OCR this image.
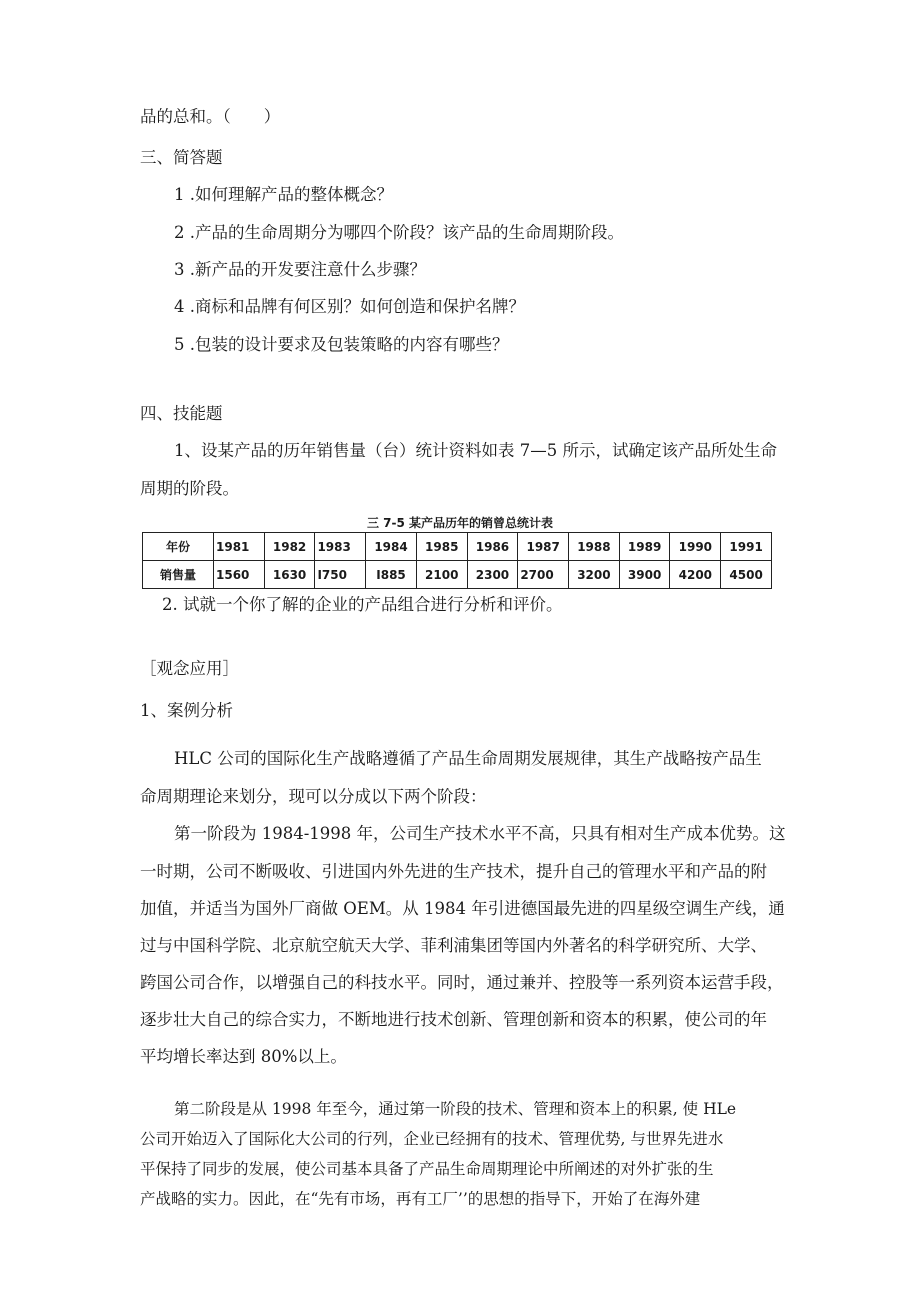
品的总和。（　　）
三、简答题
1 .如何理解产品的整体概念？
2 .产品的生命周期分为哪四个阶段？该产品的生命周期阶段。
3 .新产品的开发要注意什么步骤？
4 .商标和品牌有何区别？如何创造和保护名牌？
5 .包装的设计要求及包装策略的内容有哪些？
四、技能题
1、设某产品的历年销售量（台）统计资料如表 7—5 所示，试确定该产品所处生命
周期的阶段。
三 7-5 某产品历年的销曾总统计表
年份	1981	1982	1983	1984	1985	1986	1987	1988	1989	1990	1991
销售量	1560	1630	I750	I885	2100	2300	2700	3200	3900	4200	4500
2. 试就一个你了解的企业的产品组合进行分析和评价。
［观念应用］
1、案例分析
HLC 公司的国际化生产战略遵循了产品生命周期发展规律，其生产战略按产品生
命周期理论来划分，现可以分成以下两个阶段：
第一阶段为 1984-1998 年，公司生产技术水平不高，只具有相对生产成本优势。这
一时期，公司不断吸收、引进国内外先进的生产技术，提升自己的管理水平和产品的附
加值，并适当为国外厂商做 OEM。从 1984 年引进德国最先进的四星级空调生产线，通
过与中国科学院、北京航空航天大学、菲利浦集团等国内外著名的科学研究所、大学、
跨国公司合作，以增强自己的科技水平。同时，通过兼并、控股等一系列资本运营手段，
逐步壮大自己的综合实力，不断地进行技术创新、管理创新和资本的积累，使公司的年
平均增长率达到 80%以上。
第二阶段是从 1998 年至今，通过第一阶段的技术、管理和资本上的积累, 使 HLe
公司开始迈入了国际化大公司的行列，企业已经拥有的技术、管理优势, 与世界先进水
平保持了同步的发展，使公司基本具备了产品生命周期理论中所阐述的对外扩张的生
产战略的实力。因此，在“先有市场，再有工厂’’的思想的指导下，开始了在海外建
